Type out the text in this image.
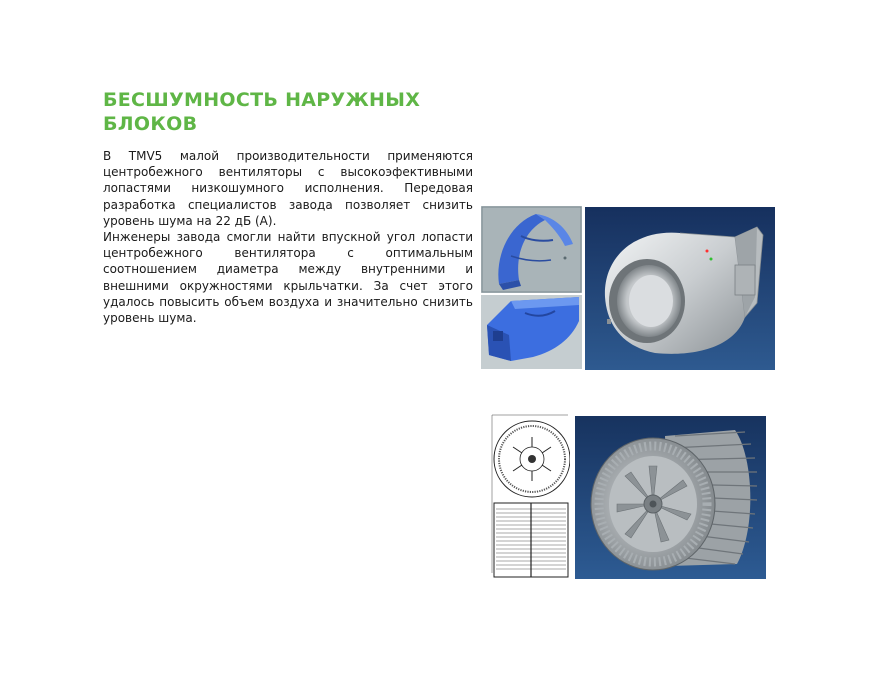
БЕСШУМНОСТЬ НАРУЖНЫХ
БЛОКОВ

В TMV5 малой производительности применяются центробежного вентиляторы с высокоэфективными лопастями низкошумного исполнения. Передовая разработка специалистов завода позволяет снизить уровень шума на 22 дБ (А).

Инженеры завода смогли найти впускной угол лопасти центробежного вентилятора с оптимальным соотношением диаметра между внутренними и внешними окружностями крыльчатки. За счет этого удалось повысить объем воздуха и значительно снизить уровень шума.
